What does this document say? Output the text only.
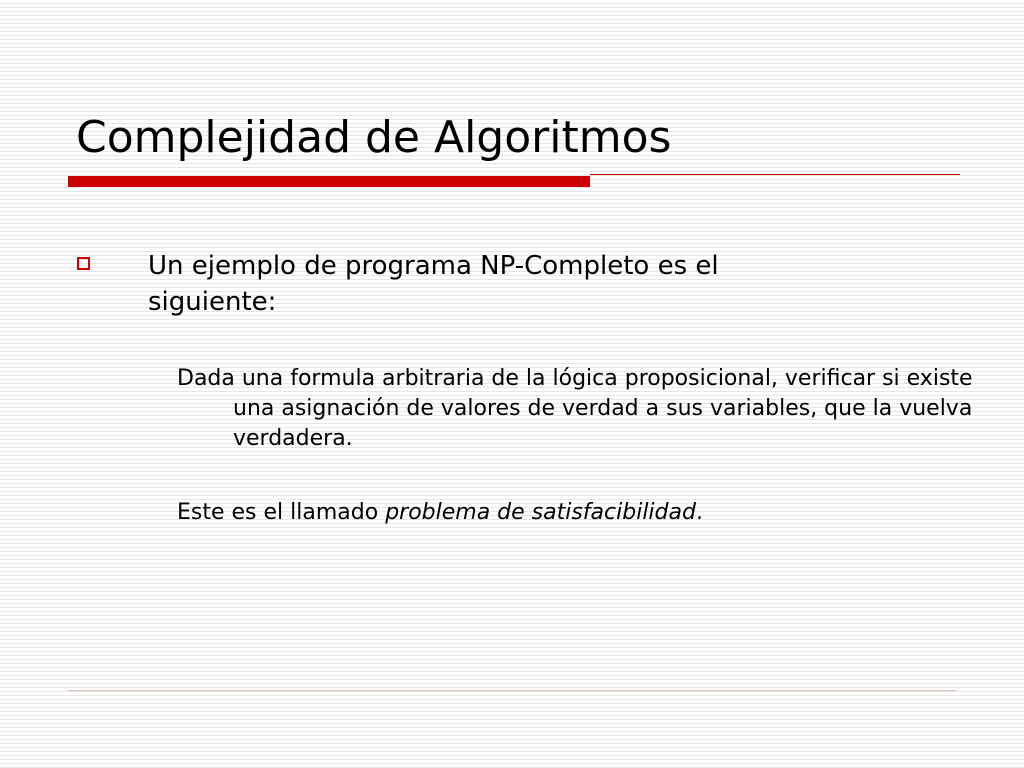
Complejidad de Algoritmos

Un ejemplo de programa NP-Completo es el siguiente:

Dada una formula arbitraria de la lógica proposicional, verificar si existe una asignación de valores de verdad a sus variables, que la vuelva verdadera.

Este es el llamado problema de satisfacibilidad.
